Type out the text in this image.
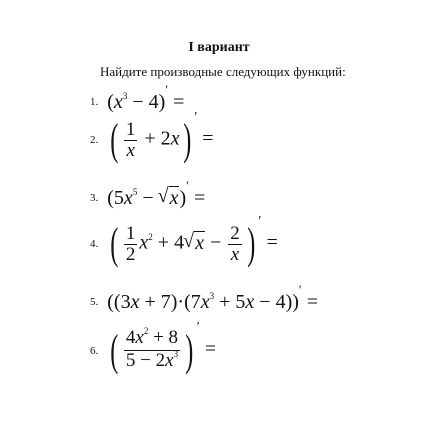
I вариант
Найдите производные следующих функций:
1. $(x^3 - 4)'$ =
2. ( $\frac{1}{x} + 2x$) ′ =
3. ($5x^5$ − √ x)′ =
4. ( $\frac{1}{2} x^2 + 4$ √ $x - \frac{2}{x}$ ) ′ =
5. $((3x + 7)\cdot(7x^3 + 5x - 4))'$ =
6. ( $\frac{4x^2 + 8}{5 - 2x^3}$ ) ′ =
